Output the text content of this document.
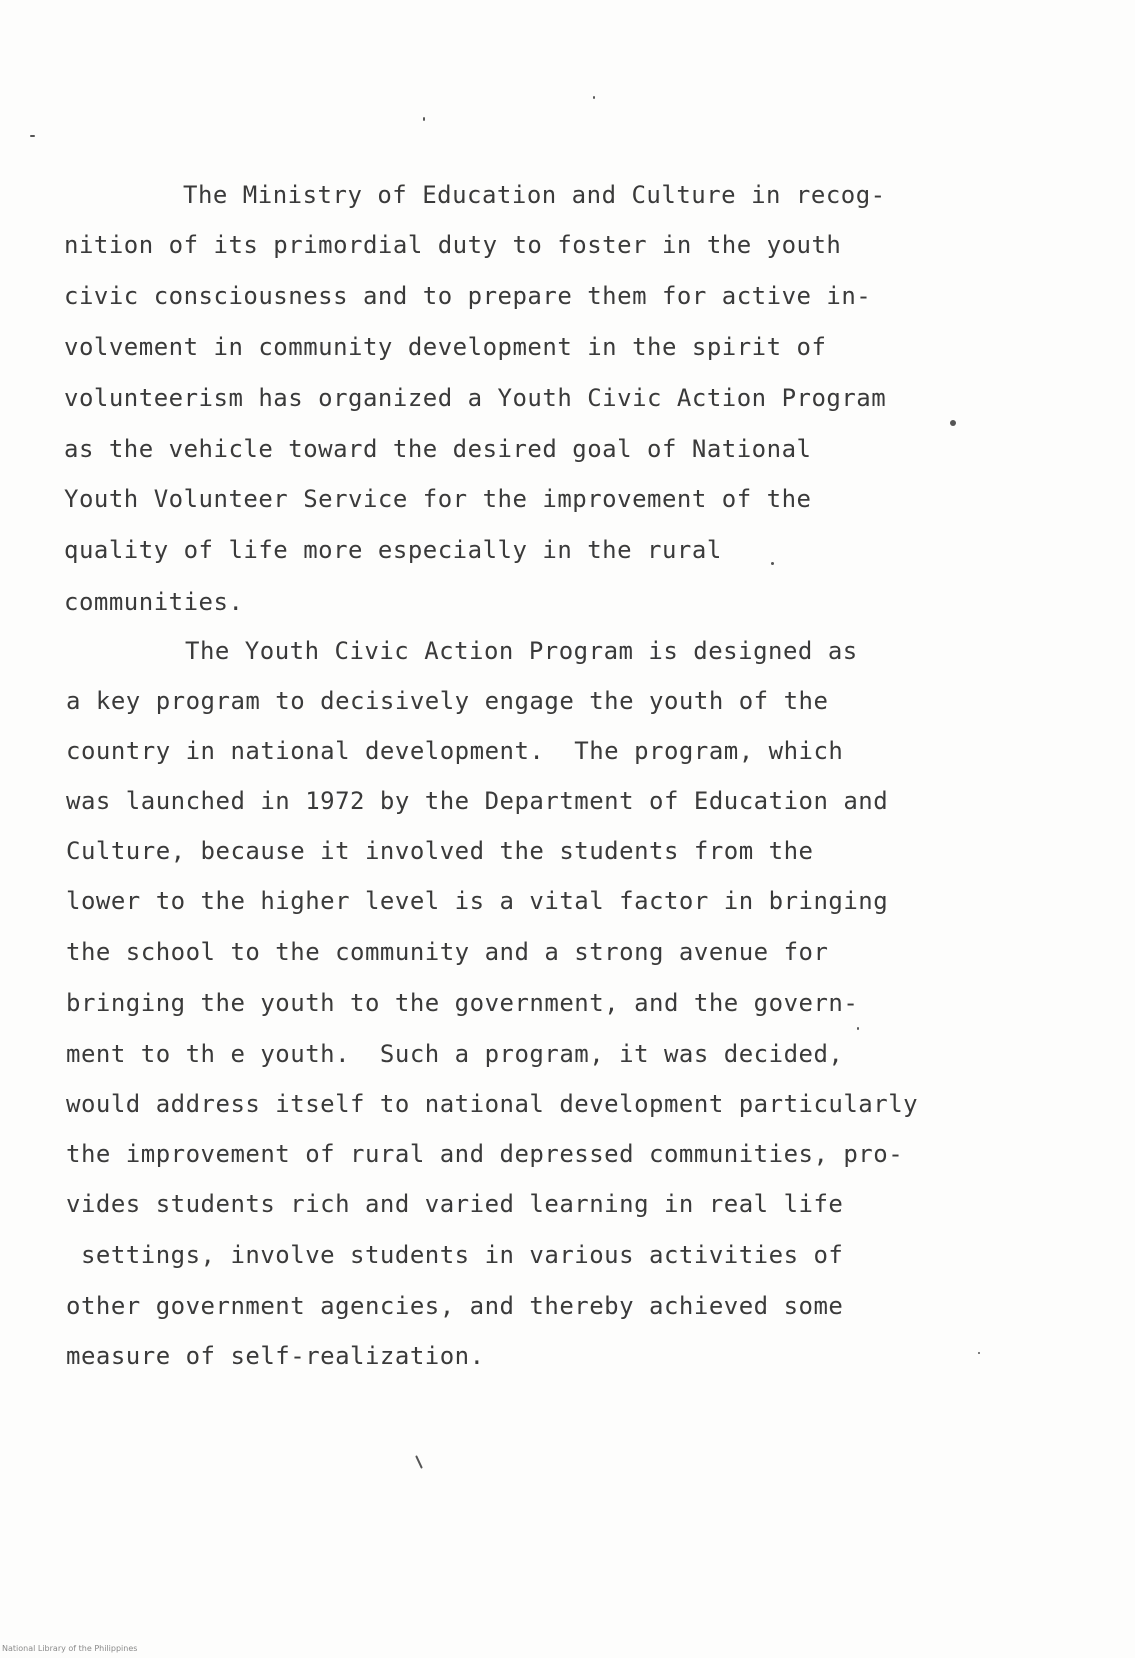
The Ministry of Education and Culture in recog-
nition of its primordial duty to foster in the youth
civic consciousness and to prepare them for active in-
volvement in community development in the spirit of
volunteerism has organized a Youth Civic Action Program
as the vehicle toward the desired goal of National
Youth Volunteer Service for the improvement of the
quality of life more especially in the rural
communities.
The Youth Civic Action Program is designed as
a key program to decisively engage the youth of the
country in national development.  The program, which
was launched in 1972 by the Department of Education and
Culture, because it involved the students from the
lower to the higher level is a vital factor in bringing
the school to the community and a strong avenue for
bringing the youth to the government, and the govern-
ment to th e youth.  Such a program, it was decided,
would address itself to national development particularly
the improvement of rural and depressed communities, pro-
vides students rich and varied learning in real life
settings, involve students in various activities of
other government agencies, and thereby achieved some
measure of self-realization.
National Library of the Philippines
